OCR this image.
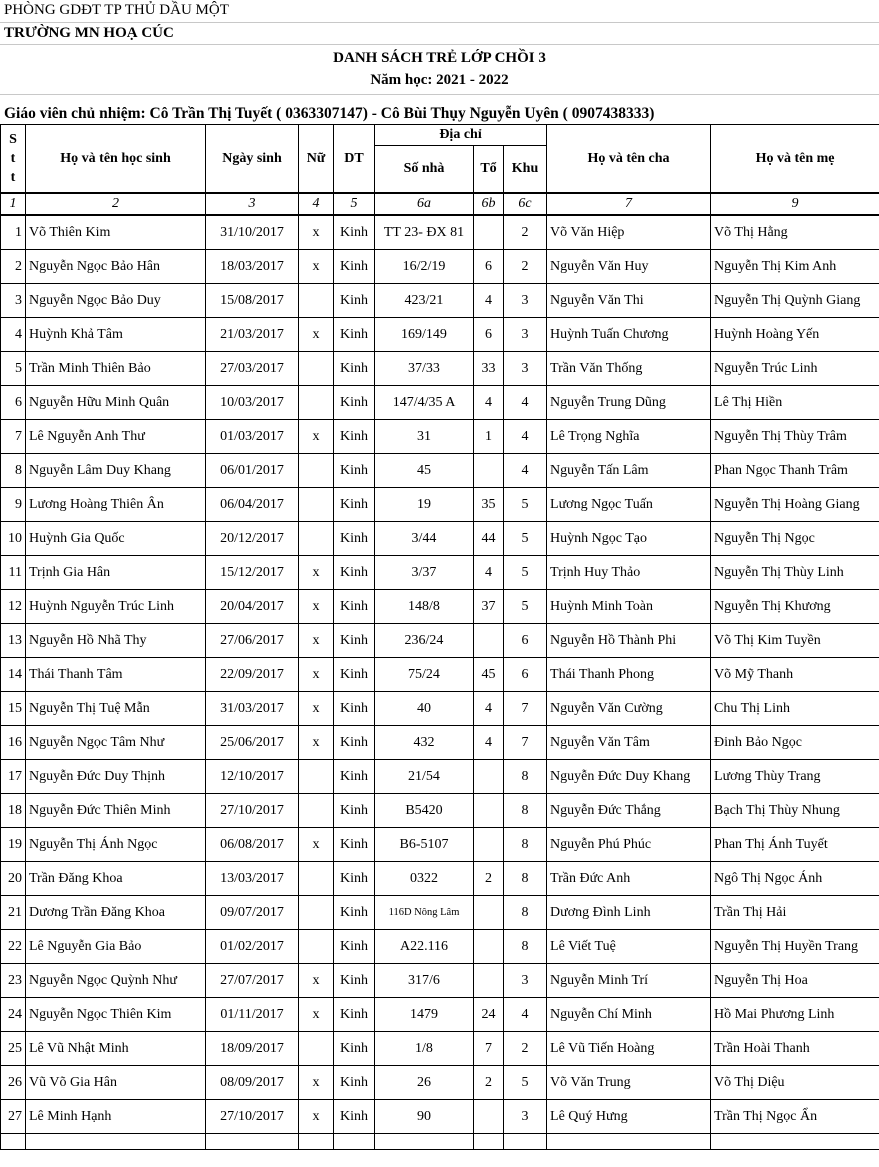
PHÒNG GDĐT TP THỦ DẦU MỘT
TRƯỜNG MN HOẠ CÚC
DANH SÁCH TRẺ LỚP CHỒI 3
Năm học: 2021 - 2022
Giáo viên chủ nhiệm: Cô Trần Thị Tuyết ( 0363307147) - Cô Bùi Thụy Nguyễn Uyên ( 0907438333)
S
t
t	Họ và tên học sinh	Ngày sinh	Nữ	DT	Địa chỉ			Họ và tên cha	Họ và tên mẹ
					Số nhà	Tổ	Khu		
1	2	3	4	5	6a	6b	6c	7	9
1	Võ Thiên Kim	31/10/2017	x	Kinh	TT 23- ĐX 81		2	Võ Văn Hiệp	Võ Thị Hằng
2	Nguyễn Ngọc Bảo Hân	18/03/2017	x	Kinh	16/2/19	6	2	Nguyễn Văn Huy	Nguyễn Thị Kim Anh
3	Nguyễn Ngọc Bảo Duy	15/08/2017		Kinh	423/21	4	3	Nguyễn Văn Thi	Nguyễn Thị Quỳnh Giang
4	Huỳnh Khả Tâm	21/03/2017	x	Kinh	169/149	6	3	Huỳnh Tuấn Chương	Huỳnh Hoàng Yến
5	Trần Minh Thiên Bảo	27/03/2017		Kinh	37/33	33	3	Trần Văn Thống	Nguyễn Trúc Linh
6	Nguyễn Hữu Minh Quân	10/03/2017		Kinh	147/4/35 A	4	4	Nguyễn Trung Dũng	Lê Thị Hiền
7	Lê Nguyễn Anh Thư	01/03/2017	x	Kinh	31	1	4	Lê Trọng Nghĩa	Nguyễn Thị Thùy Trâm
8	Nguyễn Lâm Duy Khang	06/01/2017		Kinh	45		4	Nguyễn Tấn Lâm	Phan Ngọc Thanh Trâm
9	Lương Hoàng Thiên Ân	06/04/2017		Kinh	19	35	5	Lương Ngọc Tuấn	Nguyễn Thị Hoàng Giang
10	Huỳnh Gia Quốc	20/12/2017		Kinh	3/44	44	5	Huỳnh Ngọc Tạo	Nguyễn Thị Ngọc
11	Trịnh Gia Hân	15/12/2017	x	Kinh	3/37	4	5	Trịnh Huy Thảo	Nguyễn Thị Thùy Linh
12	Huỳnh Nguyễn Trúc Linh	20/04/2017	x	Kinh	148/8	37	5	Huỳnh Minh Toàn	Nguyễn Thị Khương
13	Nguyễn Hồ Nhã Thy	27/06/2017	x	Kinh	236/24		6	Nguyễn Hồ Thành Phi	Võ Thị Kim Tuyền
14	Thái Thanh Tâm	22/09/2017	x	Kinh	75/24	45	6	Thái Thanh Phong	Võ Mỹ Thanh
15	Nguyễn Thị Tuệ Mẫn	31/03/2017	x	Kinh	40	4	7	Nguyễn Văn Cường	Chu Thị Linh
16	Nguyễn Ngọc Tâm Như	25/06/2017	x	Kinh	432	4	7	Nguyễn Văn Tâm	Đinh Bảo Ngọc
17	Nguyễn Đức Duy Thịnh	12/10/2017		Kinh	21/54		8	Nguyễn Đức Duy Khang	Lương Thùy Trang
18	Nguyễn Đức Thiên Minh	27/10/2017		Kinh	B5420		8	Nguyễn Đức Thắng	Bạch Thị Thùy Nhung
19	Nguyễn Thị Ánh Ngọc	06/08/2017	x	Kinh	B6-5107		8	Nguyễn Phú Phúc	Phan Thị Ánh Tuyết
20	Trần Đăng Khoa	13/03/2017		Kinh	0322	2	8	Trần Đức Anh	Ngô Thị Ngọc Ánh
21	Dương Trần Đăng Khoa	09/07/2017		Kinh	116D Nông Lâm		8	Dương Đình Linh	Trần Thị Hải
22	Lê Nguyễn Gia Bảo	01/02/2017		Kinh	A22.116		8	Lê Viết Tuệ	Nguyễn Thị Huyền Trang
23	Nguyễn Ngọc Quỳnh Như	27/07/2017	x	Kinh	317/6		3	Nguyễn Minh Trí	Nguyễn Thị Hoa
24	Nguyễn Ngọc Thiên Kim	01/11/2017	x	Kinh	1479	24	4	Nguyễn Chí Minh	Hồ Mai Phương Linh
25	Lê Vũ Nhật Minh	18/09/2017		Kinh	1/8	7	2	Lê Vũ Tiến Hoàng	Trần Hoài Thanh
26	Vũ Võ Gia Hân	08/09/2017	x	Kinh	26	2	5	Võ Văn Trung	Võ Thị Diệu
27	Lê Minh Hạnh	27/10/2017	x	Kinh	90		3	Lê Quý Hưng	Trần Thị Ngọc Ẩn
